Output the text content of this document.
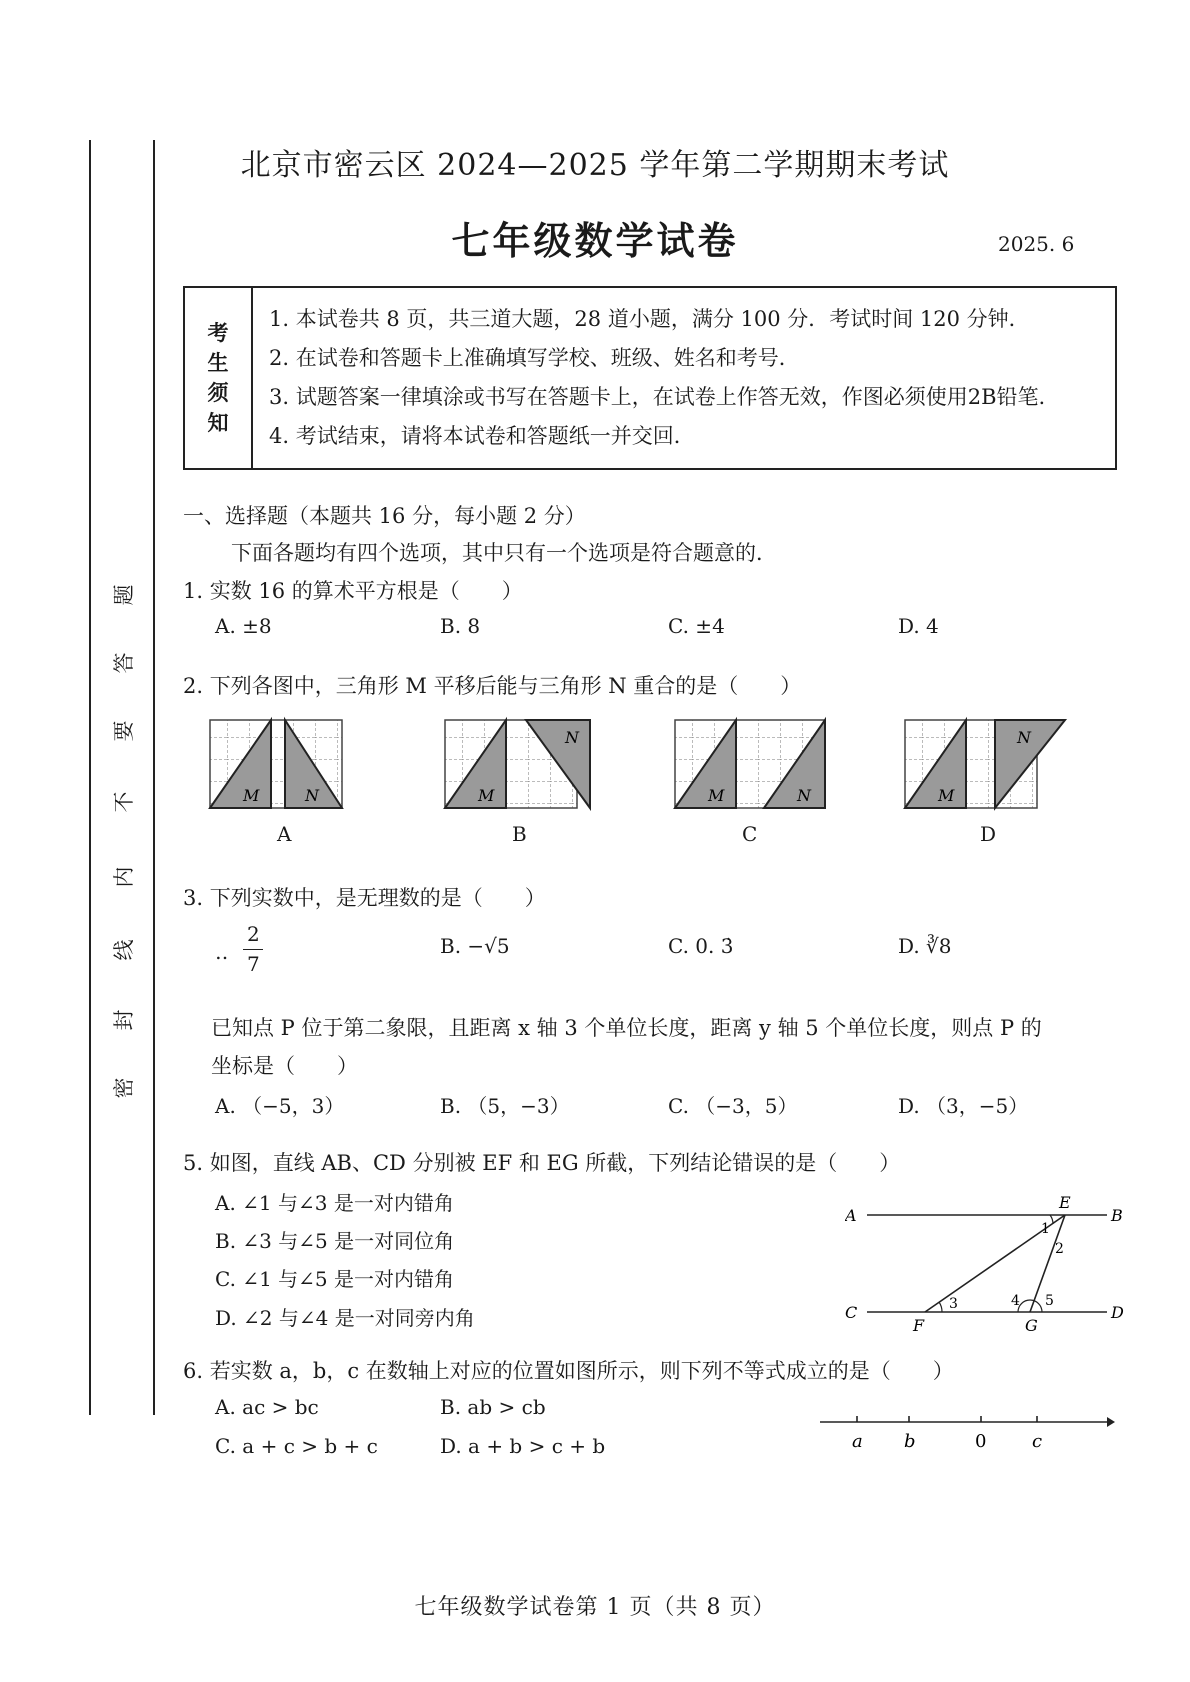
题
答
要
不
内
线
封
密
北京市密云区 2024—2025 学年第二学期期末考试
七年级数学试卷	2025. 6
考
生
须
知
1. 本试卷共 8 页，共三道大题，28 道小题，满分 100 分．考试时间 120 分钟．
2. 在试卷和答题卡上准确填写学校、班级、姓名和考号．
3. 试题答案一律填涂或书写在答题卡上，在试卷上作答无效，作图必须使用2B铅笔.
4. 考试结束，请将本试卷和答题纸一并交回．
一、选择题（本题共 16 分，每小题 2 分）
下面各题均有四个选项，其中只有一个选项是符合题意的．
1. 实数 16 的算术平方根是（　　）
A. ±8	B. 8	C. ±4	D. 4
2. 下列各图中，三角形 M 平移后能与三角形 N 重合的是（　　）
M	N	M
N
M	N	M
N
A	B	C	D
3. 下列实数中，是无理数的是（　　）
‥
2
7
B. −√5	C. 0. 3̇	D. ∛8
已知点 P 位于第二象限，且距离 x 轴 3 个单位长度，距离 y 轴 5 个单位长度，则点 P 的
坐标是（　　）
A. （−5，3）	B. （5，−3）	C. （−3，5）	D. （3，−5）
5. 如图，直线 AB、CD 分别被 EF 和 EG 所截，下列结论错误的是（　　）
A. ∠1 与∠3 是一对内错角
B. ∠3 与∠5 是一对同位角
C. ∠1 与∠5 是一对内错角
D. ∠2 与∠4 是一对同旁内角
A	B
C	D
E
F	G
1
2
3	4 5
6. 若实数 a，b，c 在数轴上对应的位置如图所示，则下列不等式成立的是（　　）
A. ac > bc	B. ab > cb
C. a + c > b + c	D. a + b > c + b	a b	0	c
七年级数学试卷第 1 页（共 8 页）
